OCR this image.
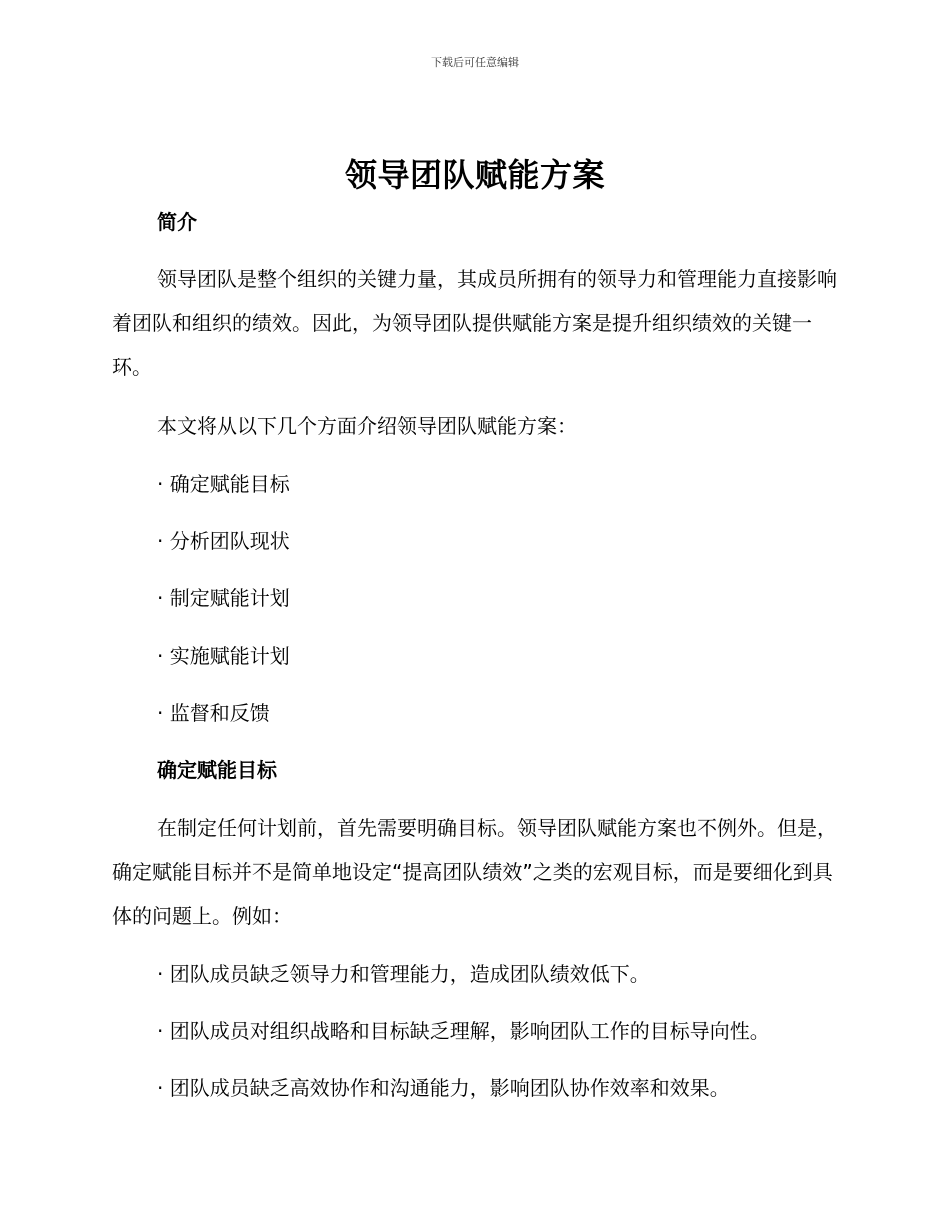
下载后可任意编辑
领导团队赋能方案
简介

领导团队是整个组织的关键力量，其成员所拥有的领导力和管理能力直接影响着团队和组织的绩效。因此，为领导团队提供赋能方案是提升组织绩效的关键一环。

本文将从以下几个方面介绍领导团队赋能方案：

· 确定赋能目标
· 分析团队现状
· 制定赋能计划
· 实施赋能计划
· 监督和反馈
确定赋能目标

在制定任何计划前，首先需要明确目标。领导团队赋能方案也不例外。但是，确定赋能目标并不是简单地设定“提高团队绩效”之类的宏观目标，而是要细化到具体的问题上。例如：

· 团队成员缺乏领导力和管理能力，造成团队绩效低下。
· 团队成员对组织战略和目标缺乏理解，影响团队工作的目标导向性。
· 团队成员缺乏高效协作和沟通能力，影响团队协作效率和效果。
